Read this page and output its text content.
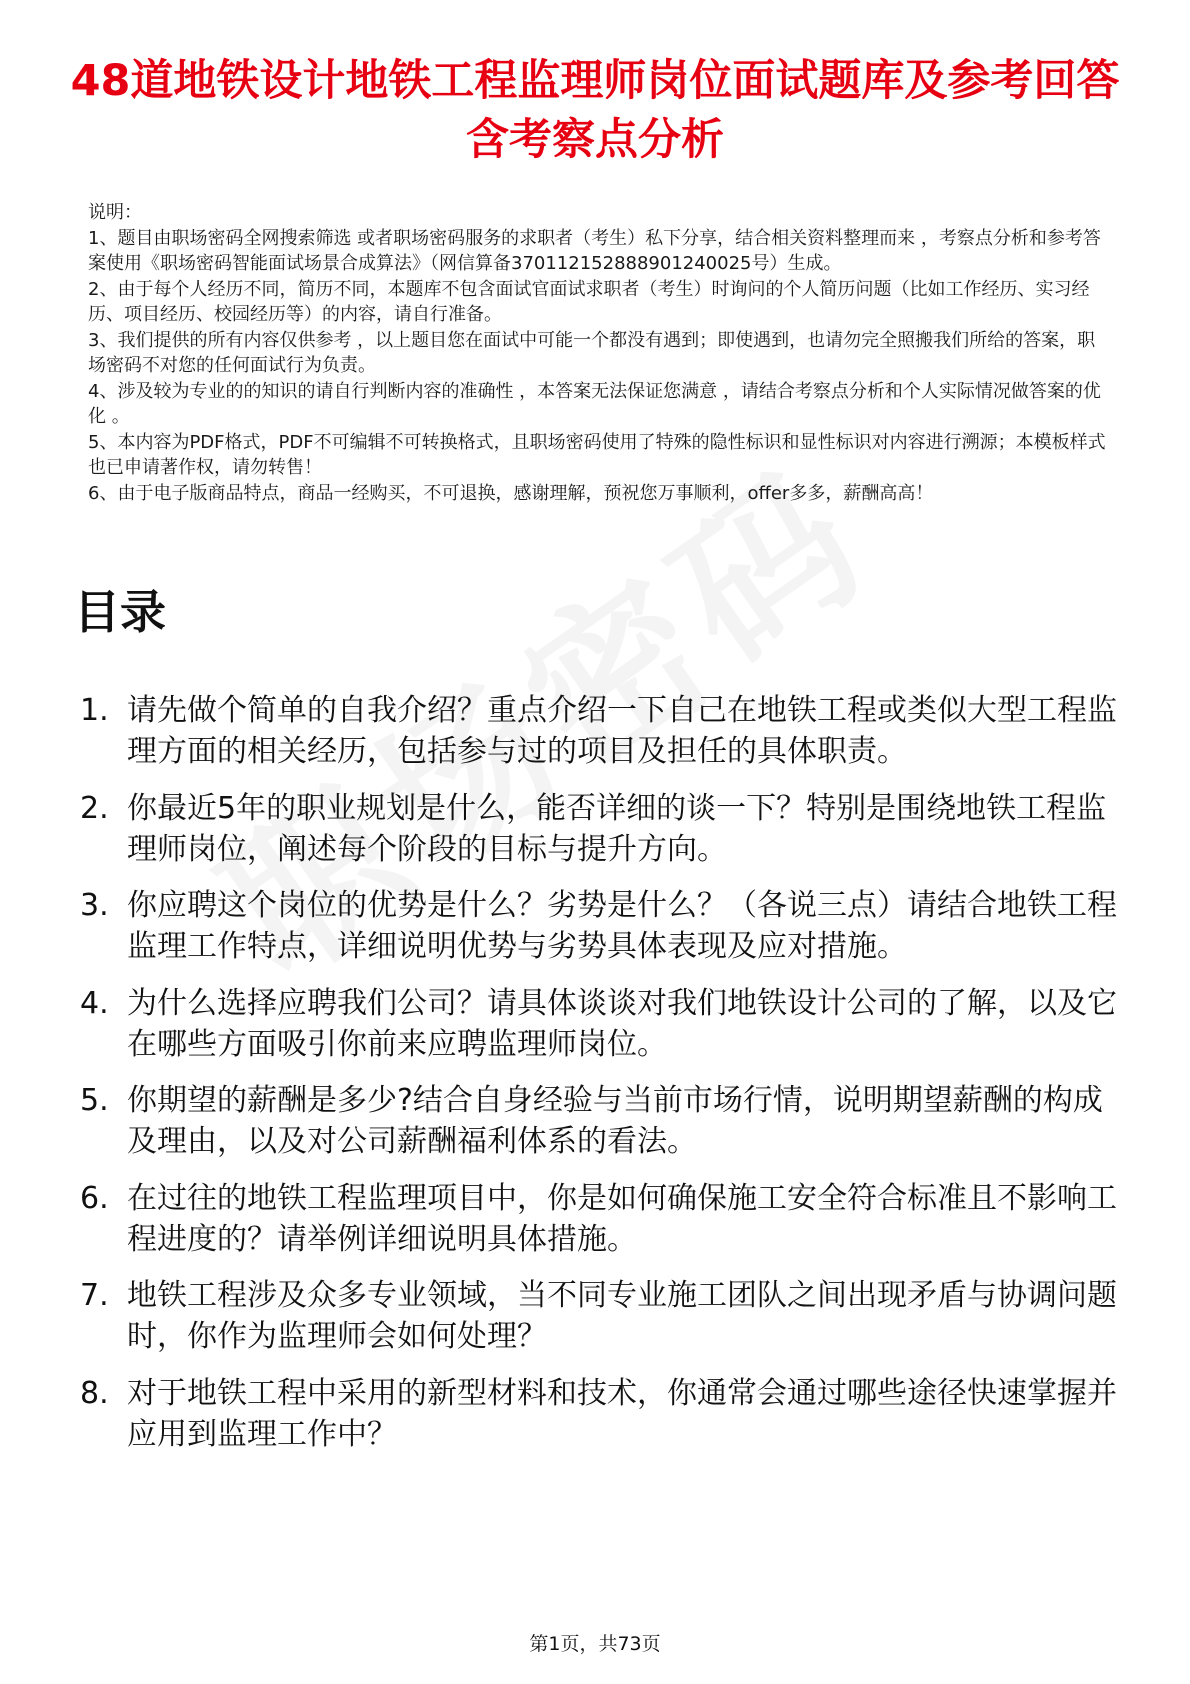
48道地铁设计地铁工程监理师岗位面试题库及参考回答含考察点分析

说明：

1、题目由职场密码全网搜索筛选 或者职场密码服务的求职者（考生）私下分享，结合相关资料整理而来 ，考察点分析和参考答案使用《职场密码智能面试场景合成算法》（网信算备370112152888901240025号）生成。

2、由于每个人经历不同，简历不同，本题库不包含面试官面试求职者（考生）时询问的个人简历问题（比如工作经历、实习经历、项目经历、校园经历等）的内容，请自行准备。

3、我们提供的所有内容仅供参考 ，以上题目您在面试中可能一个都没有遇到；即使遇到，也请勿完全照搬我们所给的答案，职场密码不对您的任何面试行为负责。

4、涉及较为专业的的知识的请自行判断内容的准确性 ，本答案无法保证您满意 ，请结合考察点分析和个人实际情况做答案的优化 。

5、本内容为PDF格式，PDF不可编辑不可转换格式，且职场密码使用了特殊的隐性标识和显性标识对内容进行溯源；本模板样式也已申请著作权，请勿转售！

6、由于电子版商品特点，商品一经购买，不可退换，感谢理解，预祝您万事顺利，offer多多，薪酬高高！

目录
1. 请先做个简单的自我介绍？重点介绍一下自己在地铁工程或类似大型工程监理方面的相关经历，包括参与过的项目及担任的具体职责。
2. 你最近5年的职业规划是什么，能否详细的谈一下？特别是围绕地铁工程监理师岗位，阐述每个阶段的目标与提升方向。
3. 你应聘这个岗位的优势是什么？劣势是什么？（各说三点）请结合地铁工程监理工作特点，详细说明优势与劣势具体表现及应对措施。
4. 为什么选择应聘我们公司？请具体谈谈对我们地铁设计公司的了解，以及它在哪些方面吸引你前来应聘监理师岗位。
5. 你期望的薪酬是多少?结合自身经验与当前市场行情，说明期望薪酬的构成及理由，以及对公司薪酬福利体系的看法。
6. 在过往的地铁工程监理项目中，你是如何确保施工安全符合标准且不影响工程进度的？请举例详细说明具体措施。
7. 地铁工程涉及众多专业领域，当不同专业施工团队之间出现矛盾与协调问题时，你作为监理师会如何处理？
8. 对于地铁工程中采用的新型材料和技术，你通常会通过哪些途径快速掌握并应用到监理工作中？
第1页，共73页
